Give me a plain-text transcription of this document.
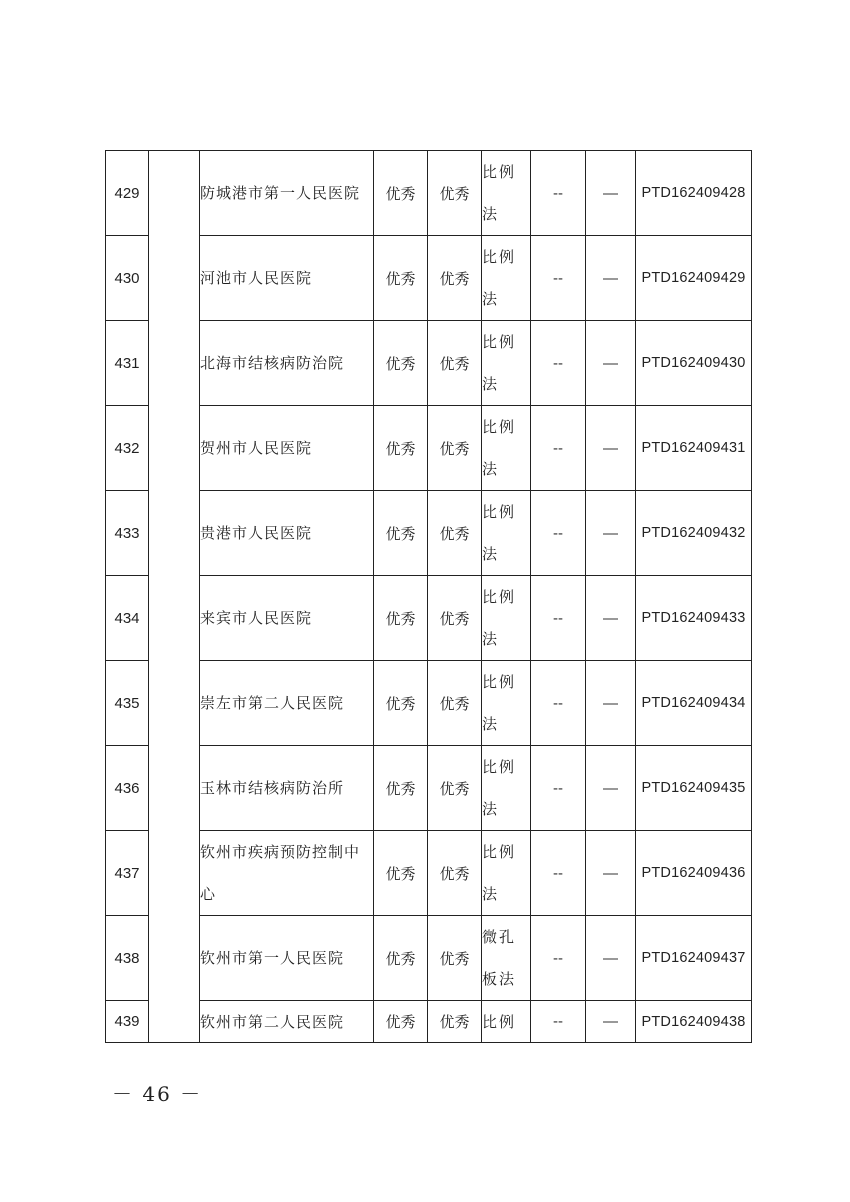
429		防城港市第一人民医院	优秀	优秀	比例法	--	—	PTD162409428
430		河池市人民医院	优秀	优秀	比例法	--	—	PTD162409429
431		北海市结核病防治院	优秀	优秀	比例法	--	—	PTD162409430
432		贺州市人民医院	优秀	优秀	比例法	--	—	PTD162409431
433		贵港市人民医院	优秀	优秀	比例法	--	—	PTD162409432
434		来宾市人民医院	优秀	优秀	比例法	--	—	PTD162409433
435		崇左市第二人民医院	优秀	优秀	比例法	--	—	PTD162409434
436		玉林市结核病防治所	优秀	优秀	比例法	--	—	PTD162409435
437		钦州市疾病预防控制中心	优秀	优秀	比例法	--	—	PTD162409436
438		钦州市第一人民医院	优秀	优秀	微孔板法	--	—	PTD162409437
439		钦州市第二人民医院	优秀	优秀	比例	--	—	PTD162409438
－ 46 －
